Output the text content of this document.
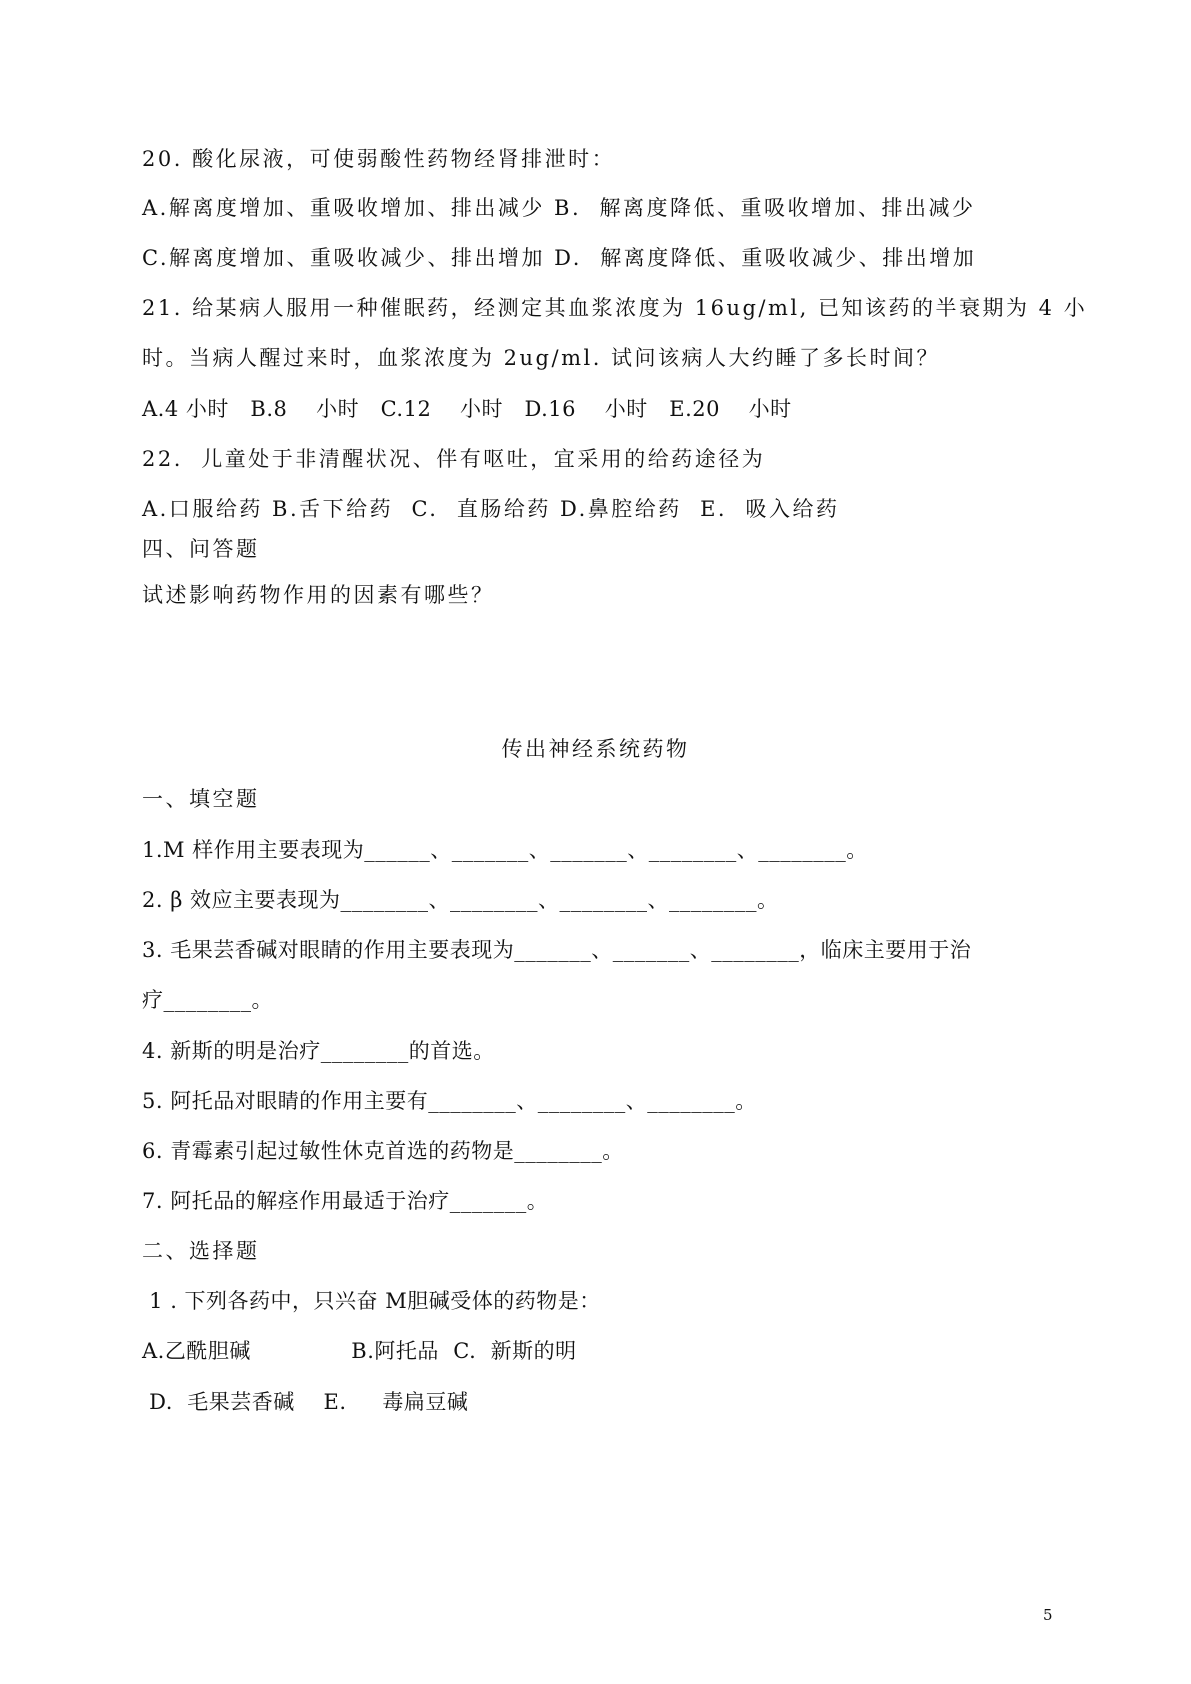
20. 酸化尿液，可使弱酸性药物经肾排泄时：
A.解离度增加、重吸收增加、排出减少 B.  解离度降低、重吸收增加、排出减少
C.解离度增加、重吸收减少、排出增加 D.  解离度降低、重吸收减少、排出增加
21. 给某病人服用一种催眠药，经测定其血浆浓度为 16ug/ml, 已知该药的半衰期为 4 小
时。当病人醒过来时，血浆浓度为 2ug/ml. 试问该病人大约睡了多长时间？
A.4 小时   B.8    小时   C.12    小时   D.16    小时   E.20    小时
22.  儿童处于非清醒状况、伴有呕吐，宜采用的给药途径为
A.口服给药 B.舌下给药  C.  直肠给药 D.鼻腔给药  E.  吸入给药
四、问答题
试述影响药物作用的因素有哪些？
传出神经系统药物
一、填空题
1.M 样作用主要表现为______、_______、_______、________、________。
2. β 效应主要表现为________、________、________、________。
3. 毛果芸香碱对眼睛的作用主要表现为_______、_______、________，临床主要用于治
疗________。
4. 新斯的明是治疗________的首选。
5. 阿托品对眼睛的作用主要有________、________、________。
6. 青霉素引起过敏性休克首选的药物是________。
7. 阿托品的解痉作用最适于治疗_______。
二、选择题
1 . 下列各药中，只兴奋 M胆碱受体的药物是：
A.乙酰胆碱              B.阿托品  C.  新斯的明
D.  毛果芸香碱    E.     毒扁豆碱
5
